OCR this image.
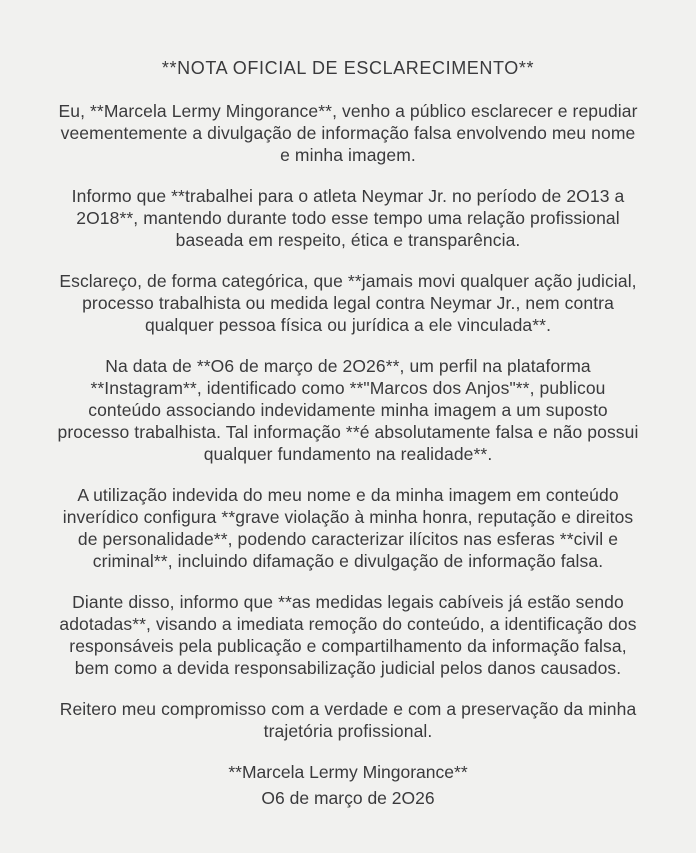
**NOTA OFICIAL DE ESCLARECIMENTO**

Eu, **Marcela Lermy Mingorance**, venho a público esclarecer e repudiar veementemente a divulgação de informação falsa envolvendo meu nome e minha imagem.

Informo que **trabalhei para o atleta Neymar Jr. no período de 2O13 a 2O18**, mantendo durante todo esse tempo uma relação profissional baseada em respeito, ética e transparência.

Esclareço, de forma categórica, que **jamais movi qualquer ação judicial, processo trabalhista ou medida legal contra Neymar Jr., nem contra qualquer pessoa física ou jurídica a ele vinculada**.

Na data de **O6 de março de 2O26**, um perfil na plataforma **Instagram**, identificado como **"Marcos dos Anjos"**, publicou conteúdo associando indevidamente minha imagem a um suposto processo trabalhista. Tal informação **é absolutamente falsa e não possui qualquer fundamento na realidade**.

A utilização indevida do meu nome e da minha imagem em conteúdo inverídico configura **grave violação à minha honra, reputação e direitos de personalidade**, podendo caracterizar ilícitos nas esferas **civil e criminal**, incluindo difamação e divulgação de informação falsa.

Diante disso, informo que **as medidas legais cabíveis já estão sendo adotadas**, visando a imediata remoção do conteúdo, a identificação dos responsáveis pela publicação e compartilhamento da informação falsa, bem como a devida responsabilização judicial pelos danos causados.

Reitero meu compromisso com a verdade e com a preservação da minha trajetória profissional.

**Marcela Lermy Mingorance**

O6 de março de 2O26
